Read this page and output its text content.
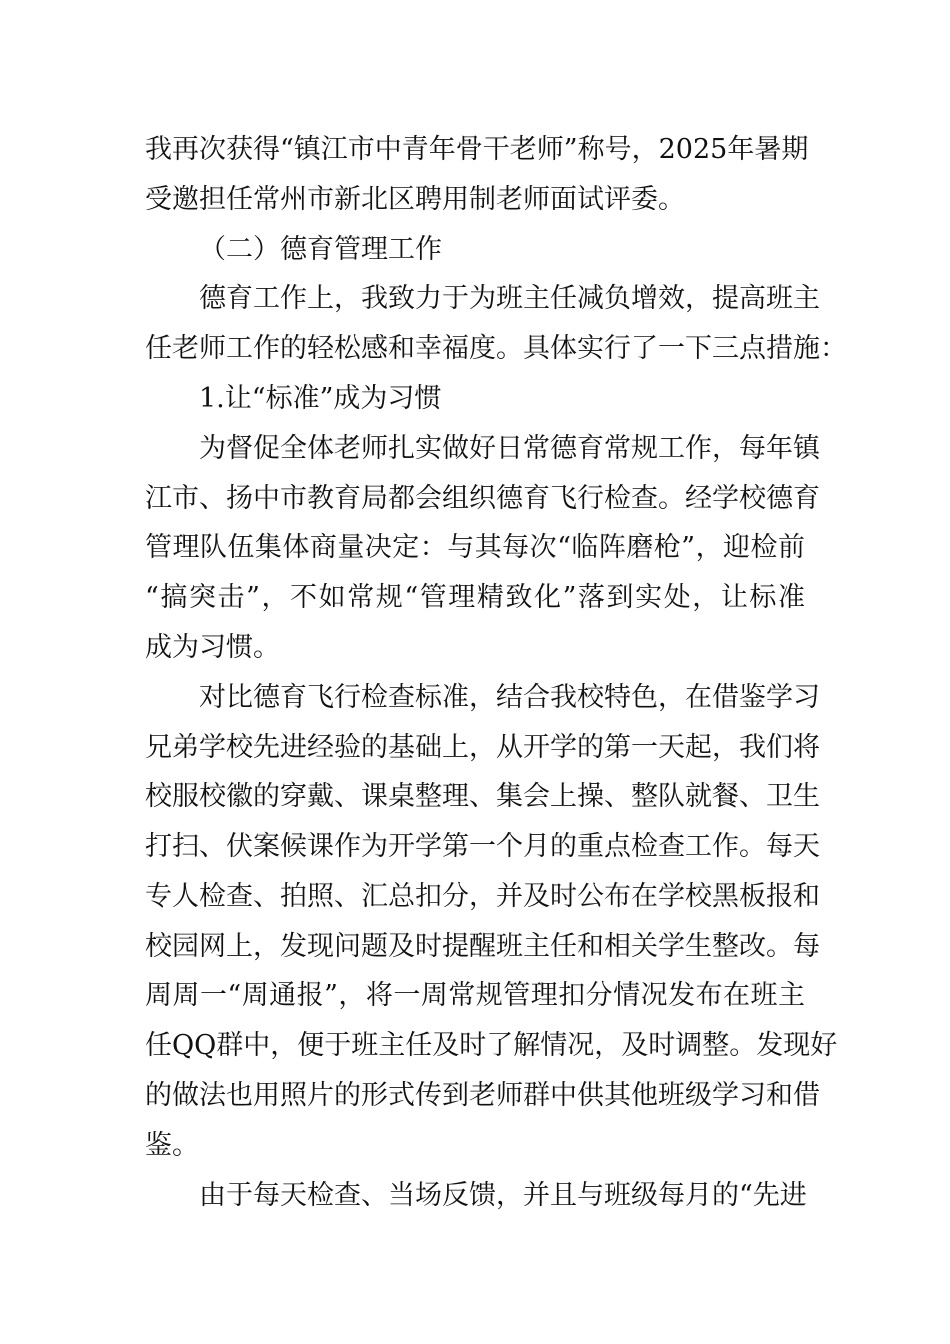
我再次获得“镇江市中青年骨干老师”称号，2025年暑期
受邀担任常州市新北区聘用制老师面试评委。
（二）德育管理工作
德育工作上，我致力于为班主任减负增效，提高班主
任老师工作的轻松感和幸福度。具体实行了一下三点措施：
1.让“标准”成为习惯
为督促全体老师扎实做好日常德育常规工作，每年镇
江市、扬中市教育局都会组织德育飞行检查。经学校德育
管理队伍集体商量决定：与其每次“临阵磨枪”，迎检前
“搞突击”，不如常规“管理精致化”落到实处，让标准
成为习惯。
对比德育飞行检查标准，结合我校特色，在借鉴学习
兄弟学校先进经验的基础上，从开学的第一天起，我们将
校服校徽的穿戴、课桌整理、集会上操、整队就餐、卫生
打扫、伏案候课作为开学第一个月的重点检查工作。每天
专人检查、拍照、汇总扣分，并及时公布在学校黑板报和
校园网上，发现问题及时提醒班主任和相关学生整改。每
周周一“周通报”，将一周常规管理扣分情况发布在班主
任QQ群中，便于班主任及时了解情况，及时调整。发现好
的做法也用照片的形式传到老师群中供其他班级学习和借
鉴。
由于每天检查、当场反馈，并且与班级每月的“先进
